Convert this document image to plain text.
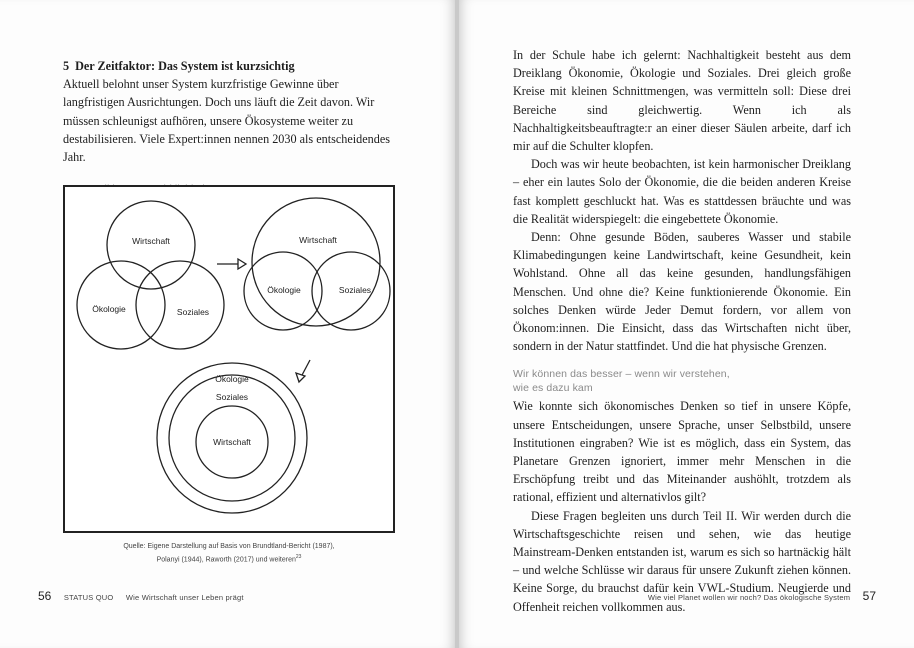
5 Der Zeitfaktor: Das System ist kurzsichtig

Aktuell belohnt unser System kurzfristige Gewinne über langfristigen Ausrichtungen. Doch uns läuft die Zeit davon. Wir müssen schleunigst aufhören, unsere Ökosysteme weiter zu destabilisieren. Viele Expert:innen nennen 2030 als entscheidendes Jahr.

Wirtschaft
Ökologie	Soziales
Wirtschaft
Ökologie	Soziales
Ökologie
Soziales
Wirtschaft
Quelle: Eigene Darstellung auf Basis von Brundtland-Bericht (1987),
Polanyi (1944), Raworth (2017) und weiteren$^{23}$
56 STATUS QUO Wie Wirtschaft unser Leben prägt	Wie viel Planet wollen wir noch? Das ökologische System 57

In der Schule habe ich gelernt: Nachhaltigkeit besteht aus dem Dreiklang Ökonomie, Ökologie und Soziales. Drei gleich große Kreise mit kleinen Schnittmengen, was vermitteln soll: Diese drei Bereiche sind gleichwertig. Wenn ich als Nachhaltigkeitsbeauftragte:r an einer dieser Säulen arbeite, darf ich mir auf die Schulter klopfen.

Doch was wir heute beobachten, ist kein harmonischer Dreiklang – eher ein lautes Solo der Ökonomie, die die beiden anderen Kreise fast komplett geschluckt hat. Was es stattdessen bräuchte und was die Realität widerspiegelt: die eingebettete Ökonomie.

Denn: Ohne gesunde Böden, sauberes Wasser und stabile Klimabedingungen keine Landwirtschaft, keine Gesundheit, kein Wohlstand. Ohne all das keine gesunden, handlungsfähigen Menschen. Und ohne die? Keine funktionierende Ökonomie. Ein solches Denken würde Jeder Demut fordern, vor allem von Ökonom:innen. Die Einsicht, dass das Wirtschaften nicht über, sondern in der Natur stattfindet. Und die hat physische Grenzen.

Wir können das besser – wenn wir verstehen,
wie es dazu kam

Wie konnte sich ökonomisches Denken so tief in unsere Köpfe, unsere Entscheidungen, unsere Sprache, unser Selbstbild, unsere Institutionen eingraben? Wie ist es möglich, dass ein System, das Planetare Grenzen ignoriert, immer mehr Menschen in die Erschöpfung treibt und das Miteinander aushöhlt, trotzdem als rational, effizient und alternativlos gilt?

Diese Fragen begleiten uns durch Teil II. Wir werden durch die Wirtschaftsgeschichte reisen und sehen, wie das heutige Mainstream-Denken entstanden ist, warum es sich so hartnäckig hält – und welche Schlüsse wir daraus für unsere Zukunft ziehen können. Keine Sorge, du brauchst dafür kein VWL-Studium. Neugierde und Offenheit reichen vollkommen aus.
